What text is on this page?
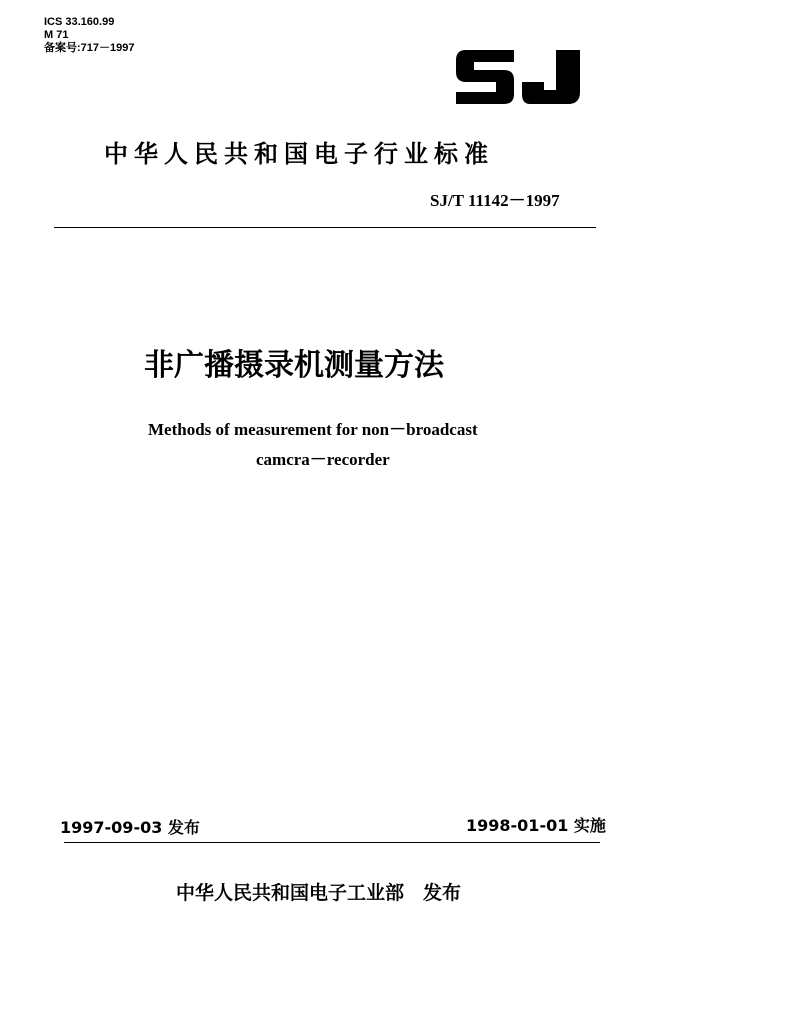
ICS 33.160.99
M 71
备案号:717－1997
中华人民共和国电子行业标准
SJ/T 11142－1997
非广播摄录机测量方法
Methods of measurement for non－broadcast
camcra－recorder
1997-09-03 发布	1998-01-01 实施
中华人民共和国电子工业部　发布
